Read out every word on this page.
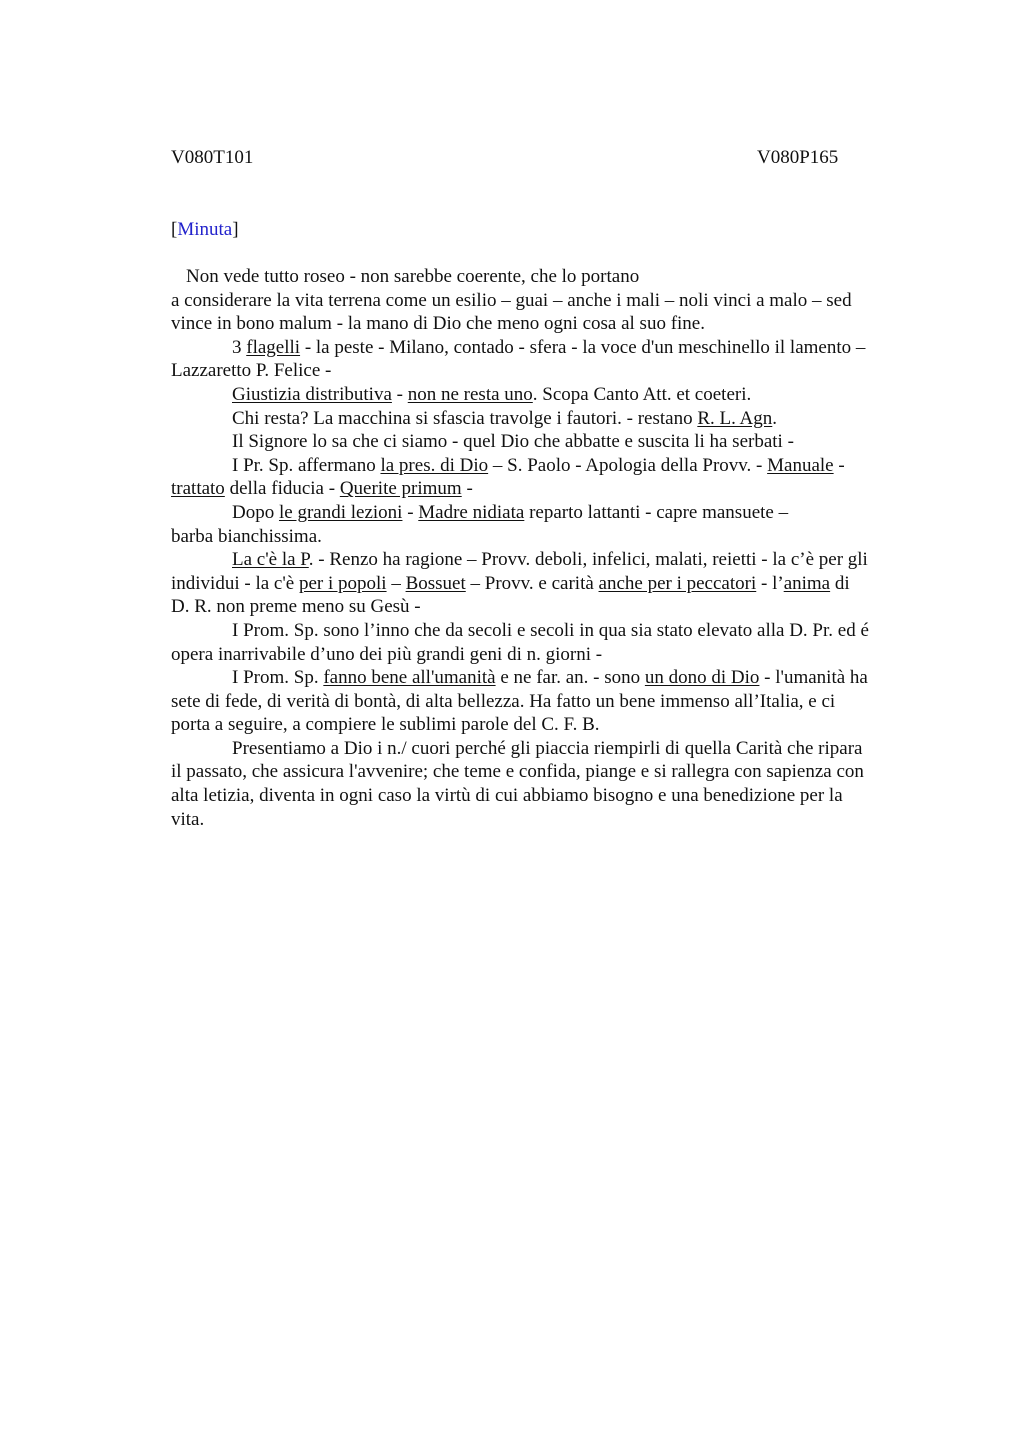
V080T101	V080P165
[Minuta]
Non vede tutto roseo - non sarebbe coerente, che lo portano
a considerare la vita terrena come un esilio – guai – anche i mali – noli vinci a malo – sed
vince in bono malum - la mano di Dio che meno ogni cosa al suo fine.
3 flagelli - la peste - Milano, contado - sfera - la voce d'un meschinello il lamento –
Lazzaretto P. Felice -
Giustizia distributiva - non ne resta uno. Scopa Canto Att. et coeteri.
Chi resta? La macchina si sfascia travolge i fautori. - restano R. L. Agn.
Il Signore lo sa che ci siamo - quel Dio che abbatte e suscita li ha serbati -
I Pr. Sp. affermano la pres. di Dio – S. Paolo - Apologia della Provv. - Manuale -
trattato della fiducia - Querite primum -
Dopo le grandi lezioni - Madre nidiata reparto lattanti - capre mansuete –
barba bianchissima.
La c'è la P. - Renzo ha ragione – Provv. deboli, infelici, malati, reietti - la c’è per gli
individui - la c'è per i popoli – Bossuet – Provv. e carità anche per i peccatori - l’anima di
D. R. non preme meno su Gesù -
I Prom. Sp. sono l’inno che da secoli e secoli in qua sia stato elevato alla D. Pr. ed é
opera inarrivabile d’uno dei più grandi geni di n. giorni -
I Prom. Sp. fanno bene all'umanità e ne far. an. - sono un dono di Dio - l'umanità ha
sete di fede, di verità di bontà, di alta bellezza. Ha fatto un bene immenso all’Italia, e ci
porta a seguire, a compiere le sublimi parole del C. F. B.
Presentiamo a Dio i n./ cuori perché gli piaccia riempirli di quella Carità che ripara
il passato, che assicura l'avvenire; che teme e confida, piange e si rallegra con sapienza con
alta letizia, diventa in ogni caso la virtù di cui abbiamo bisogno e una benedizione per la
vita.
